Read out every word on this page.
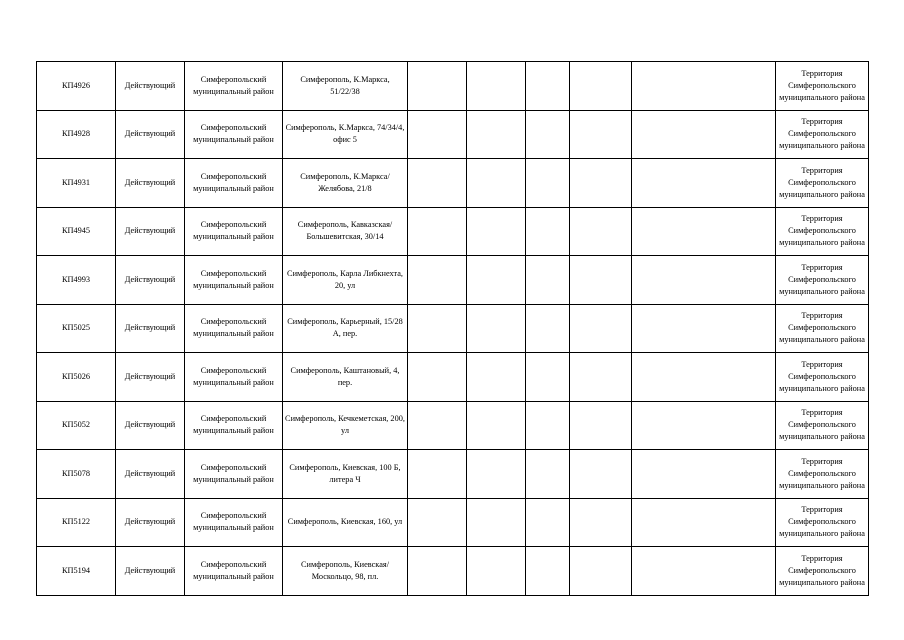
КП4926	Действующий	Симферопольский муниципальный район	Симферополь, К.Маркса, 51/22/38						Территория Симферопольского муниципального района
КП4928	Действующий	Симферопольский муниципальный район	Симферополь, К.Маркса, 74/34/4, офис 5						Территория Симферопольского муниципального района
КП4931	Действующий	Симферопольский муниципальный район	Симферополь, К.Маркса/ Желябова, 21/8						Территория Симферопольского муниципального района
КП4945	Действующий	Симферопольский муниципальный район	Симферополь, Кавказская/Большевитская, 30/14						Территория Симферопольского муниципального района
КП4993	Действующий	Симферопольский муниципальный район	Симферополь, Карла Либкнехта, 20, ул						Территория Симферопольского муниципального района
КП5025	Действующий	Симферопольский муниципальный район	Симферополь, Карьерный, 15/28 А, пер.						Территория Симферопольского муниципального района
КП5026	Действующий	Симферопольский муниципальный район	Симферополь, Каштановый, 4, пер.						Территория Симферопольского муниципального района
КП5052	Действующий	Симферопольский муниципальный район	Симферополь, Кечкеметская, 200, ул						Территория Симферопольского муниципального района
КП5078	Действующий	Симферопольский муниципальный район	Симферополь, Киевская, 100 Б, литера Ч						Территория Симферопольского муниципального района
КП5122	Действующий	Симферопольский муниципальный район	Симферополь, Киевская, 160, ул						Территория Симферопольского муниципального района
КП5194	Действующий	Симферопольский муниципальный район	Симферополь, Киевская/ Москольцо, 98, пл.						Территория Симферопольского муниципального района
